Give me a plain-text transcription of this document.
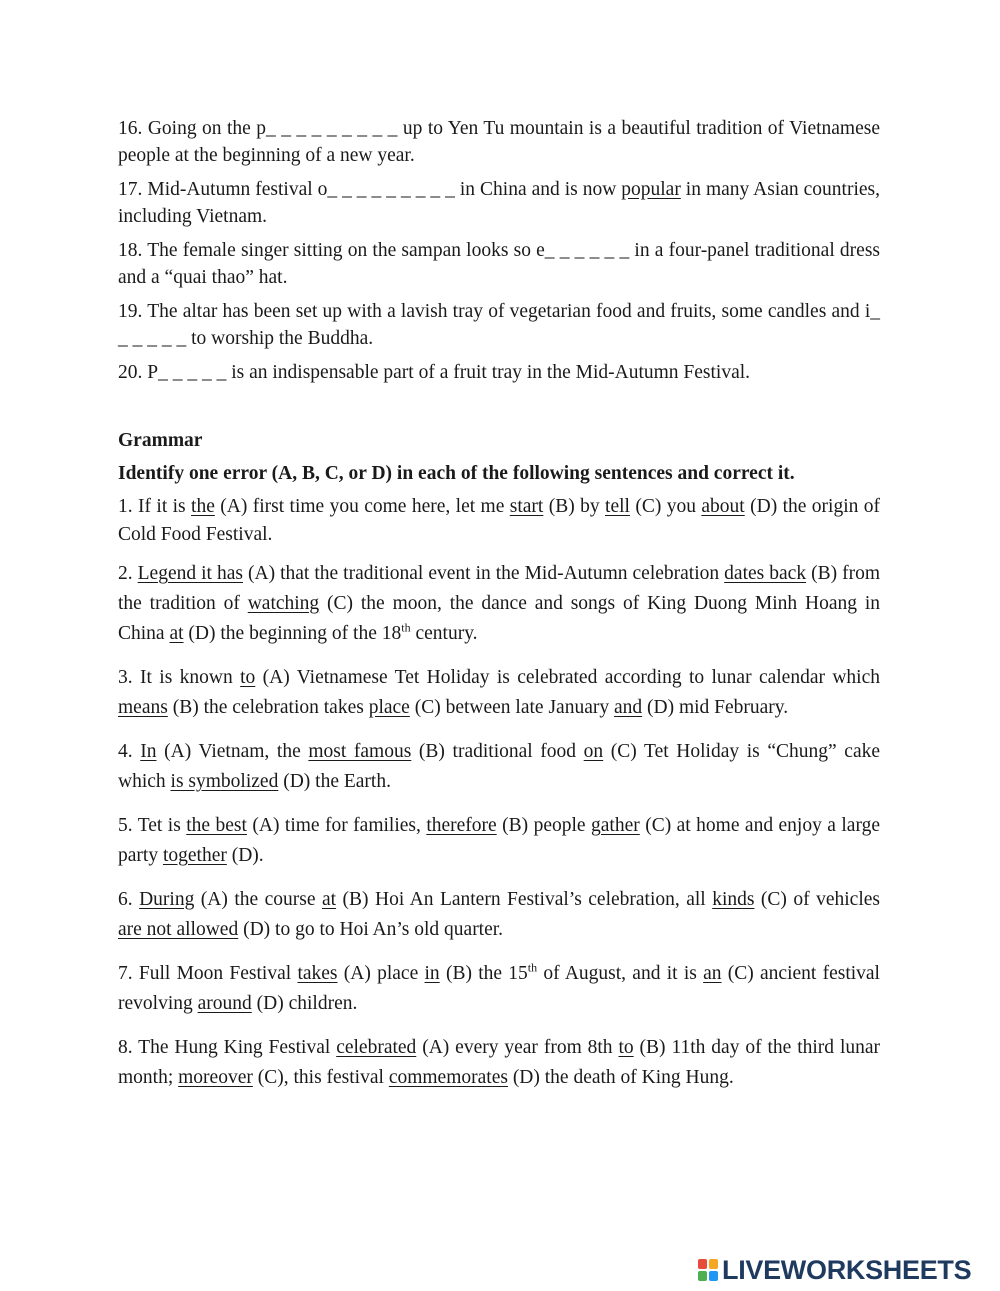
16. Going on the p_ _ _ _ _ _ _ _ _ up to Yen Tu mountain is a beautiful tradition of Vietnamese people at the beginning of a new year.

17. Mid-Autumn festival o_ _ _ _ _ _ _ _ _ in China and is now popular in many Asian countries, including Vietnam.

18. The female singer sitting on the sampan looks so e_ _ _ _ _ _ in a four-panel traditional dress and a “quai thao” hat.

19. The altar has been set up with a lavish tray of vegetarian food and fruits, some candles and i_ _ _ _ _ _ to worship the Buddha.

20. P_ _ _ _ _ is an indispensable part of a fruit tray in the Mid-Autumn Festival.

Grammar
Identify one error (A, B, C, or D) in each of the following sentences and correct it.

1. If it is the (A) first time you come here, let me start (B) by tell (C) you about (D) the origin of Cold Food Festival.

2. Legend it has (A) that the traditional event in the Mid-Autumn celebration dates back (B) from the tradition of watching (C) the moon, the dance and songs of King Duong Minh Hoang in China at (D) the beginning of the 18th century.

3. It is known to (A) Vietnamese Tet Holiday is celebrated according to lunar calendar which means (B) the celebration takes place (C) between late January and (D) mid February.

4. In (A) Vietnam, the most famous (B) traditional food on (C) Tet Holiday is “Chung” cake which is symbolized (D) the Earth.

5. Tet is the best (A) time for families, therefore (B) people gather (C) at home and enjoy a large party together (D).

6. During (A) the course at (B) Hoi An Lantern Festival’s celebration, all kinds (C) of vehicles are not allowed (D) to go to Hoi An’s old quarter.

7. Full Moon Festival takes (A) place in (B) the 15th of August, and it is an (C) ancient festival revolving around (D) children.

8. The Hung King Festival celebrated (A) every year from 8th to (B) 11th day of the third lunar month; moreover (C), this festival commemorates (D) the death of King Hung.

LIVEWORKSHEETS
